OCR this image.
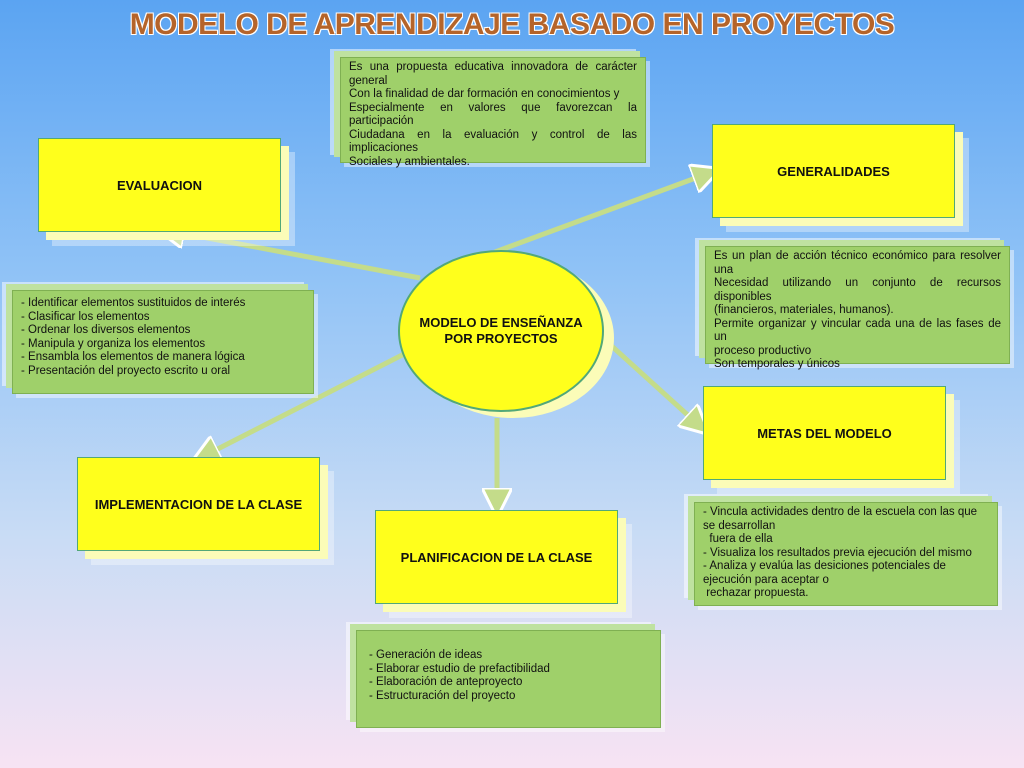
MODELO DE APRENDIZAJE BASADO EN PROYECTOS
Es una propuesta educativa innovadora de carácter general
Con la finalidad de dar formación en conocimientos y
Especialmente en valores que favorezcan la participación
Ciudadana en la evaluación y control de las implicaciones
Sociales y ambientales.
EVALUACION
GENERALIDADES
Es un plan de acción técnico económico para resolver una
Necesidad utilizando un conjunto de recursos disponibles
(financieros, materiales, humanos).
Permite organizar y vincular cada una de las fases de un
proceso productivo
Son temporales y únicos
- Identificar elementos sustituidos de interés
- Clasificar los elementos
- Ordenar los diversos elementos
- Manipula y organiza los elementos
- Ensambla los elementos de manera lógica
- Presentación del proyecto escrito u oral
MODELO DE ENSEÑANZA
POR PROYECTOS
METAS DEL MODELO
IMPLEMENTACION DE LA CLASE
PLANIFICACION DE LA CLASE
- Vincula actividades dentro de la escuela con las que se desarrollan
fuera de ella
- Visualiza los resultados previa ejecución del mismo
- Analiza y evalúa las desiciones potenciales de ejecución para aceptar o
rechazar propuesta.
- Generación de ideas
- Elaborar estudio de prefactibilidad
- Elaboración de anteproyecto
- Estructuración del proyecto
